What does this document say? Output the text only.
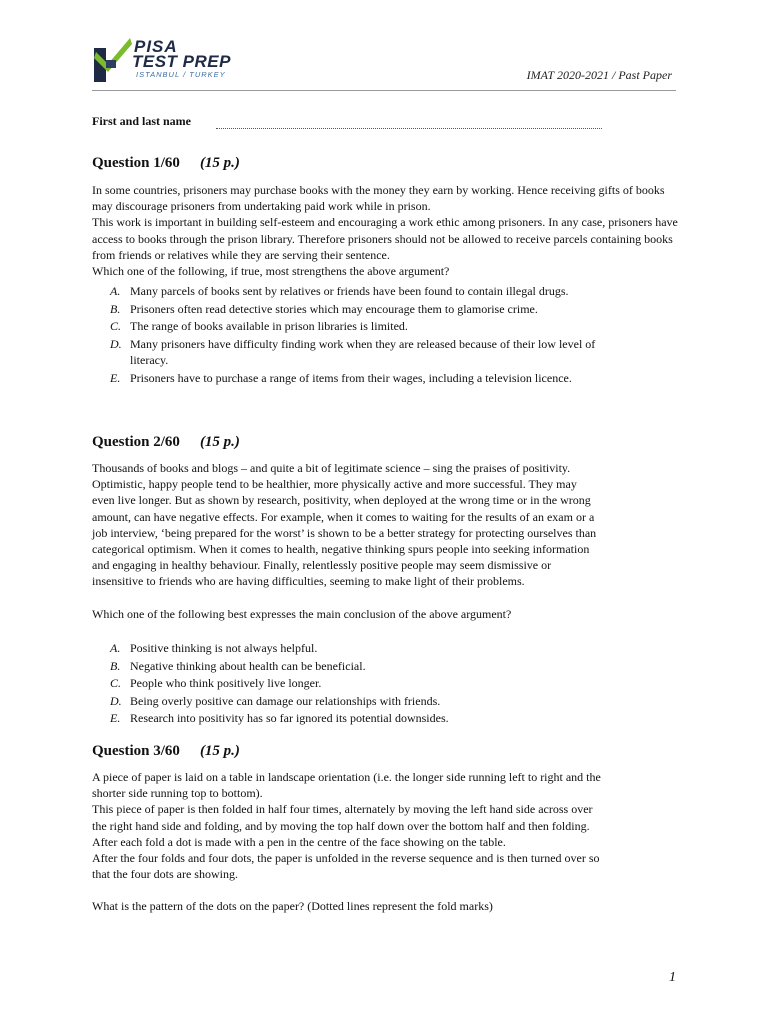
PISA
TEST PREP
ISTANBUL / TURKEY	IMAT 2020-2021 / Past Paper
First and last name
Question 1/60 (15 p.)

In some countries, prisoners may purchase books with the money they earn by working. Hence receiving gifts of books may discourage prisoners from undertaking paid work while in prison.

This work is important in building self-esteem and encouraging a work ethic among prisoners. In any case, prisoners have access to books through the prison library. Therefore prisoners should not be allowed to receive parcels containing books from friends or relatives while they are serving their sentence.

Which one of the following, if true, most strengthens the above argument?

A. Many parcels of books sent by relatives or friends have been found to contain illegal drugs.
B. Prisoners often read detective stories which may encourage them to glamorise crime.
C. The range of books available in prison libraries is limited.
D. Many prisoners have difficulty finding work when they are released because of their low level of literacy.
E. Prisoners have to purchase a range of items from their wages, including a television licence.
Question 2/60 (15 p.)

Thousands of books and blogs – and quite a bit of legitimate science – sing the praises of positivity. Optimistic, happy people tend to be healthier, more physically active and more successful. They may even live longer. But as shown by research, positivity, when deployed at the wrong time or in the wrong amount, can have negative effects. For example, when it comes to waiting for the results of an exam or a job interview, ‘being prepared for the worst’ is shown to be a better strategy for protecting ourselves than categorical optimism. When it comes to health, negative thinking spurs people into seeking information and engaging in healthy behaviour. Finally, relentlessly positive people may seem dismissive or insensitive to friends who are having difficulties, seeming to make light of their problems.

Which one of the following best expresses the main conclusion of the above argument?

A. Positive thinking is not always helpful.
B. Negative thinking about health can be beneficial.
C. People who think positively live longer.
D. Being overly positive can damage our relationships with friends.
E. Research into positivity has so far ignored its potential downsides.
Question 3/60 (15 p.)

A piece of paper is laid on a table in landscape orientation (i.e. the longer side running left to right and the shorter side running top to bottom).

This piece of paper is then folded in half four times, alternately by moving the left hand side across over the right hand side and folding, and by moving the top half down over the bottom half and then folding. After each fold a dot is made with a pen in the centre of the face showing on the table.

After the four folds and four dots, the paper is unfolded in the reverse sequence and is then turned over so that the four dots are showing.

What is the pattern of the dots on the paper? (Dotted lines represent the fold marks)

1
